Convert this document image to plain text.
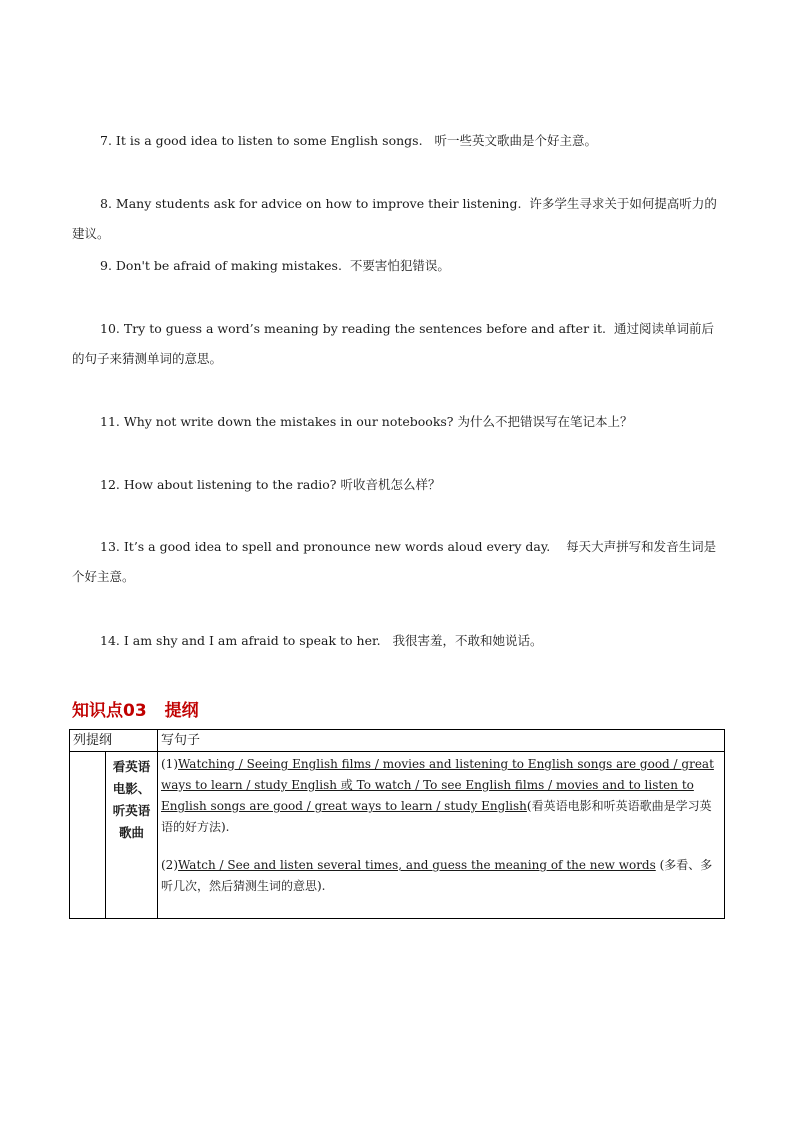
7. It is a good idea to listen to some English songs. 听一些英文歌曲是个好主意。

8. Many students ask for advice on how to improve their listening. 许多学生寻求关于如何提高听力的建议。

9. Don't be afraid of making mistakes. 不要害怕犯错误。

10. Try to guess a word’s meaning by reading the sentences before and after it. 通过阅读单词前后的句子来猜测单词的意思。

11. Why not write down the mistakes in our notebooks? 为什么不把错误写在笔记本上？

12. How about listening to the radio? 听收音机怎么样？

13. It’s a good idea to spell and pronounce new words aloud every day. 每天大声拼写和发音生词是个好主意。

14. I am shy and I am afraid to speak to her. 我很害羞，不敢和她说话。

知识点03 提纲
列提纲		写句子
	看英语电影、听英语歌曲	(1)Watching / Seeing English films / movies and listening to English songs are good / great ways to learn / study English 或 To watch / To see English films / movies and to listen to English songs are good / great ways to learn / study English(看英语电影和听英语歌曲是学习英语的好方法).
(2)Watch / See and listen several times, and guess the meaning of the new words (多看、多听几次，然后猜测生词的意思).
